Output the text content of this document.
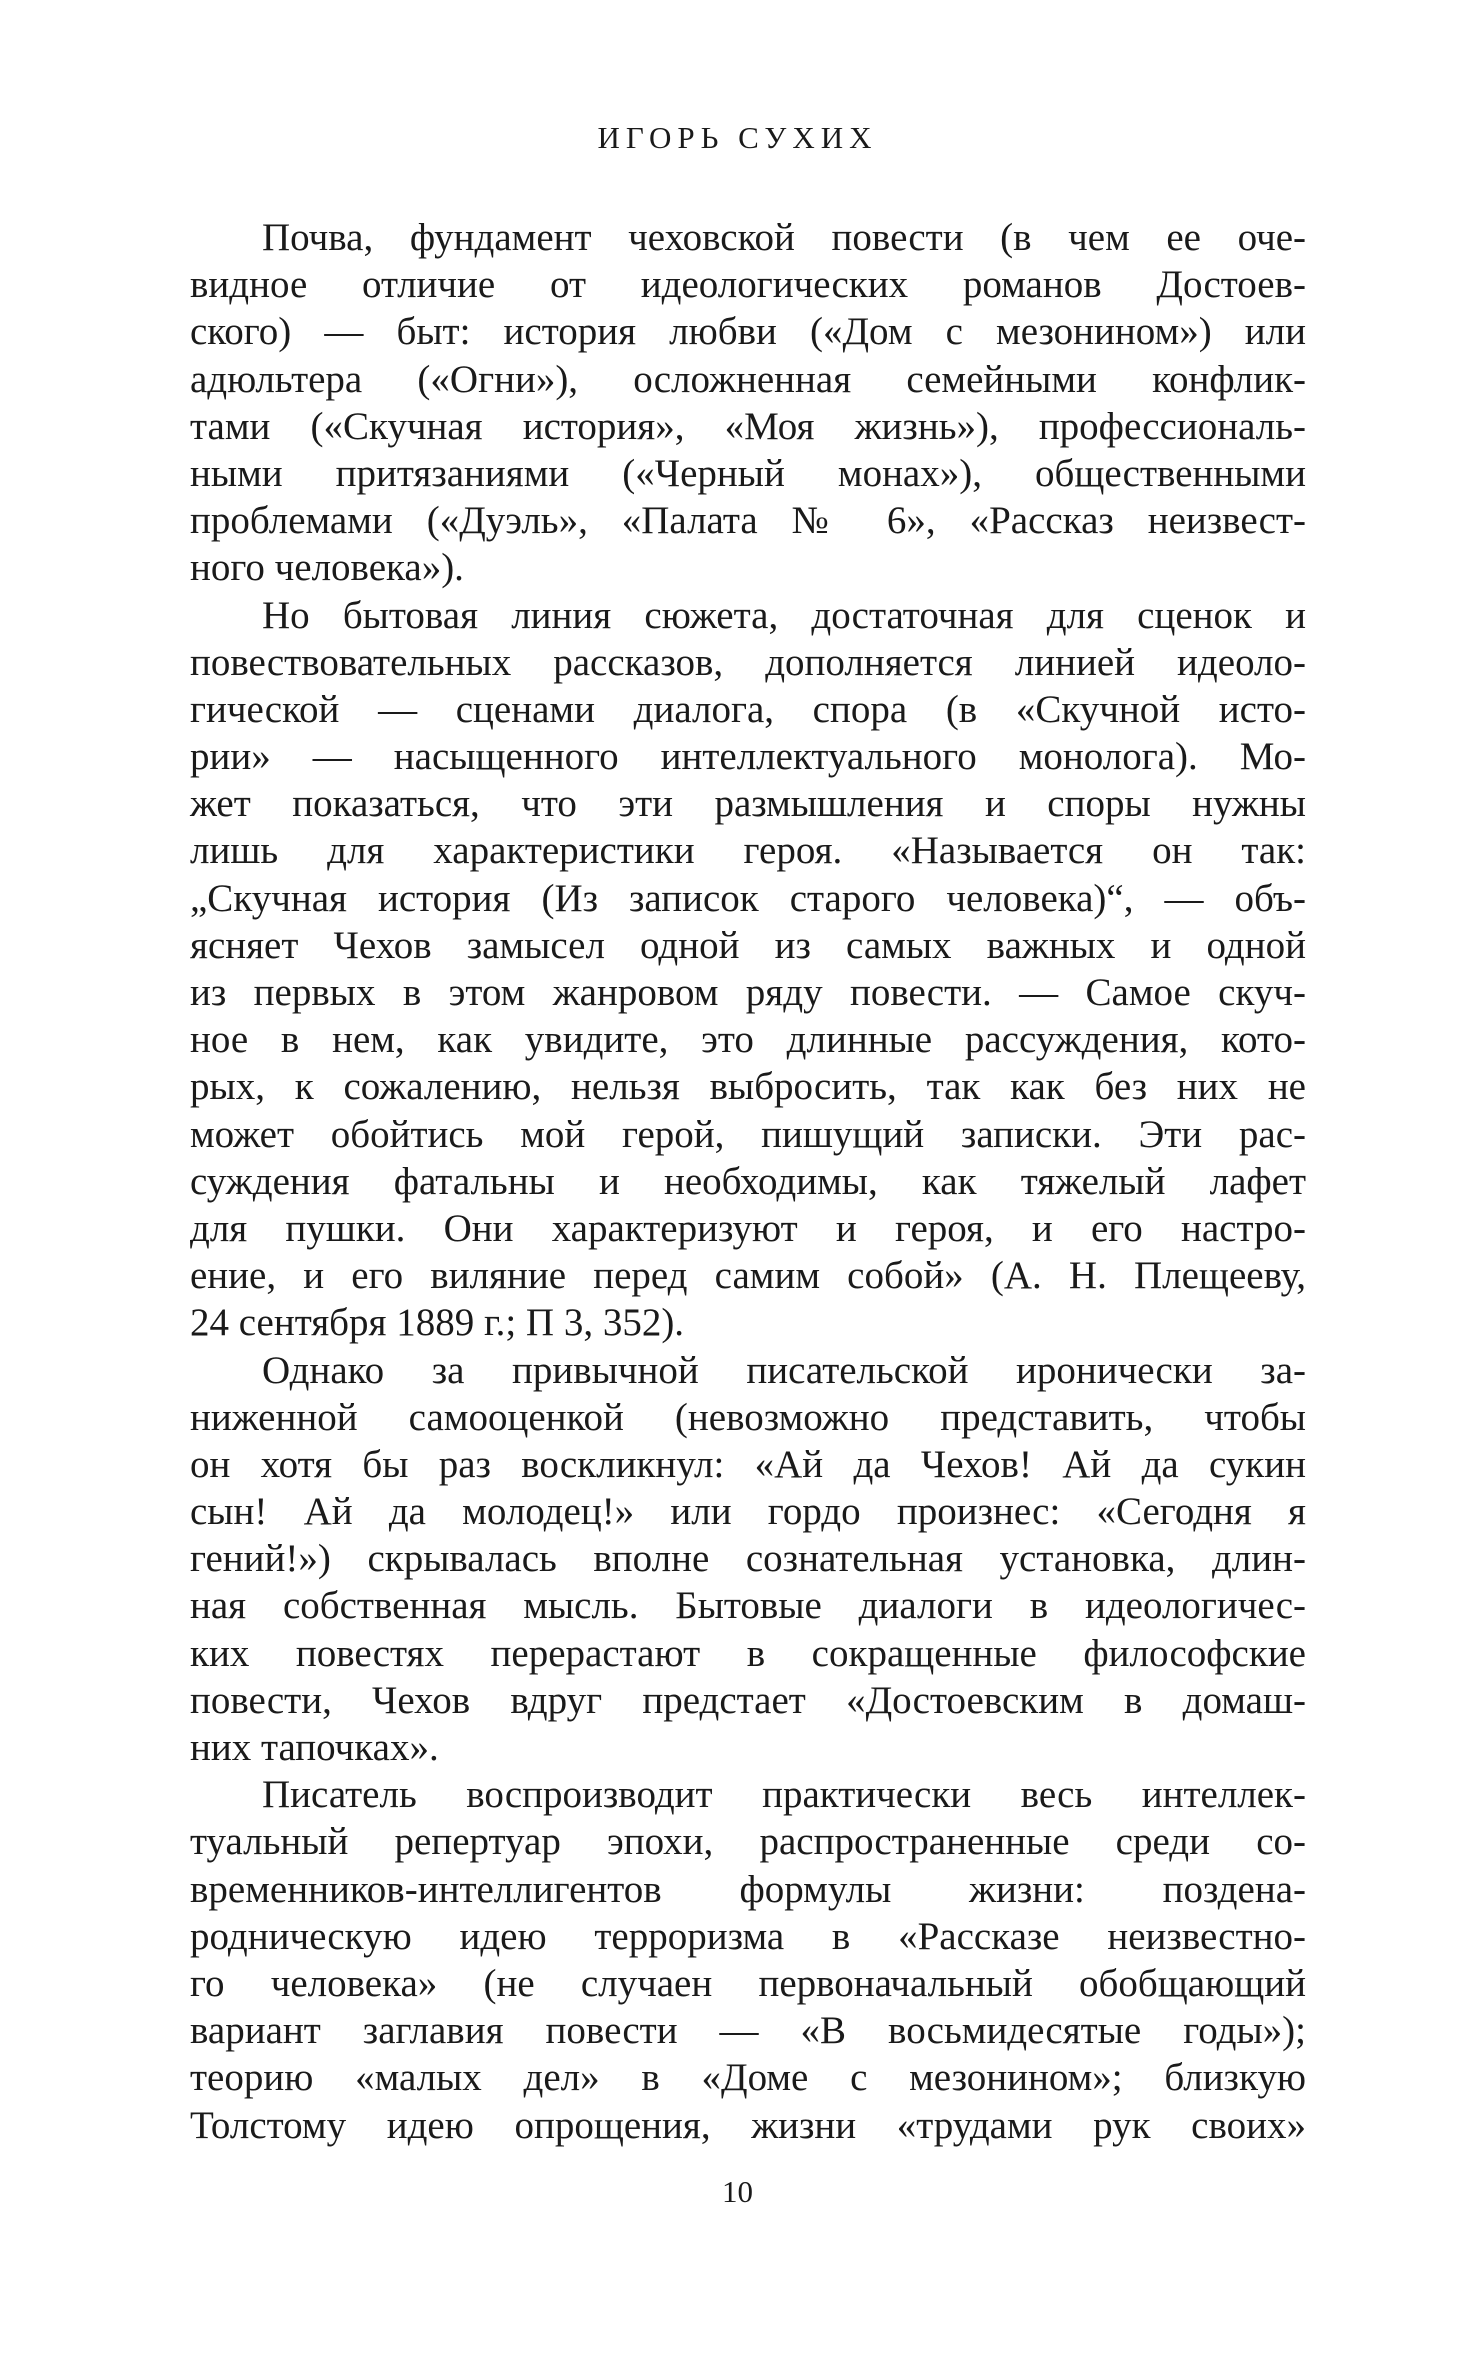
ИГОРЬ СУХИХ
Почва, фундамент чеховской повести (в чем ее оче-
видное отличие от идеологических романов Достоев-
ского) — быт: история любви («Дом с мезонином») или
адюльтера («Огни»), осложненная семейными конфлик-
тами («Скучная история», «Моя жизнь»), профессиональ-
ными притязаниями («Черный монах»), общественными
проблемами («Дуэль», «Палата № 6», «Рассказ неизвест-
ного человека»).
Но бытовая линия сюжета, достаточная для сценок и
повествовательных рассказов, дополняется линией идеоло-
гической — сценами диалога, спора (в «Скучной исто-
рии» — насыщенного интеллектуального монолога). Мо-
жет показаться, что эти размышления и споры нужны
лишь для характеристики героя. «Называется он так:
„Скучная история (Из записок старого человека)“, — объ-
ясняет Чехов замысел одной из самых важных и одной
из первых в этом жанровом ряду повести. — Самое скуч-
ное в нем, как увидите, это длинные рассуждения, кото-
рых, к сожалению, нельзя выбросить, так как без них не
может обойтись мой герой, пишущий записки. Эти рас-
суждения фатальны и необходимы, как тяжелый лафет
для пушки. Они характеризуют и героя, и его настро-
ение, и его виляние перед самим собой» (А. Н. Плещееву,
24 сентября 1889 г.; П 3, 352).
Однако за привычной писательской иронически за-
ниженной самооценкой (невозможно представить, чтобы
он хотя бы раз воскликнул: «Ай да Чехов! Ай да сукин
сын! Ай да молодец!» или гордо произнес: «Сегодня я
гений!») скрывалась вполне сознательная установка, длин-
ная собственная мысль. Бытовые диалоги в идеологичес-
ких повестях перерастают в сокращенные философские
повести, Чехов вдруг предстает «Достоевским в домаш-
них тапочках».
Писатель воспроизводит практически весь интеллек-
туальный репертуар эпохи, распространенные среди со-
временников-интеллигентов формулы жизни: поздена-
родническую идею терроризма в «Рассказе неизвестно-
го человека» (не случаен первоначальный обобщающий
вариант заглавия повести — «В восьмидесятые годы»);
теорию «малых дел» в «Доме с мезонином»; близкую
Толстому идею опрощения, жизни «трудами рук своих»
10
